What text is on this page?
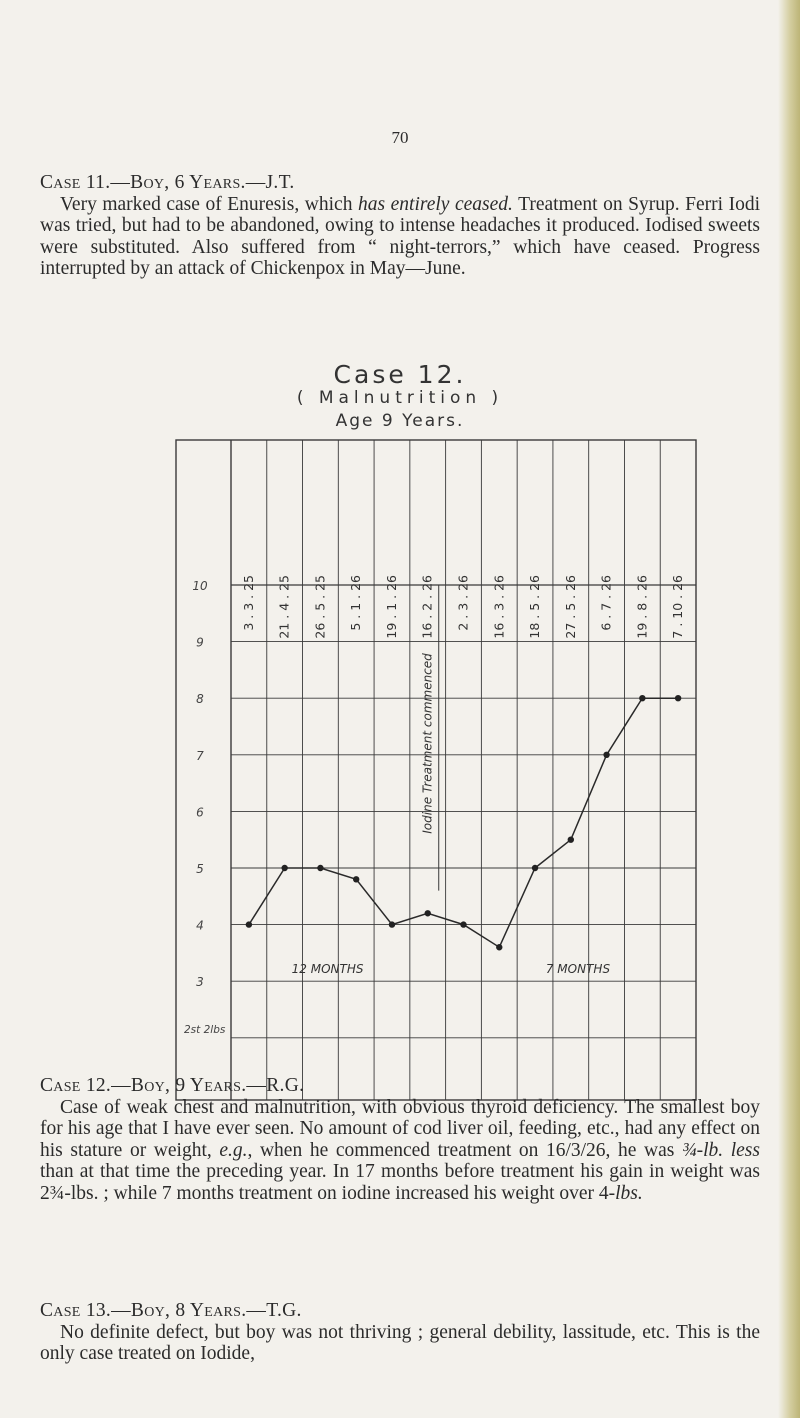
70

Case 11.—Boy, 6 Years.—J.T.
Very marked case of Enuresis, which has entirely ceased. Treatment on Syrup. Ferri Iodi was tried, but had to be abandoned, owing to intense headaches it produced. Iodised sweets were substituted. Also suffered from “ night-terrors,” which have ceased. Progress interrupted by an attack of Chickenpox in May—June.

Case 12.
( Malnutrition )
Age 9 Years.
3 . 3 . 25 21 . 4 . 25 26 . 5 . 25 5 . 1 . 26 19 . 1 . 26 16 . 2 . 26 2 . 3 . 26 16 . 3 . 26 18 . 5 . 26 27 . 5 . 26 6 . 7 . 26 19 . 8 . 26 7 . 10 . 26
10
9
8
7
6
5
4
3
2st 2lbs
Iodine Treatment commenced
12 MONTHS	7 MONTHS

Case 12.—Boy, 9 Years.—R.G.
Case of weak chest and malnutrition, with obvious thyroid deficiency. The smallest boy for his age that I have ever seen. No amount of cod liver oil, feeding, etc., had any effect on his stature or weight, e.g., when he commenced treatment on 16/3/26, he was ¾-lb. less than at that time the preceding year. In 17 months before treatment his gain in weight was 2¾-lbs. ; while 7 months treatment on iodine increased his weight over 4-lbs.

Case 13.—Boy, 8 Years.—T.G.
No definite defect, but boy was not thriving ; general debility, lassitude, etc. This is the only case treated on Iodide,
